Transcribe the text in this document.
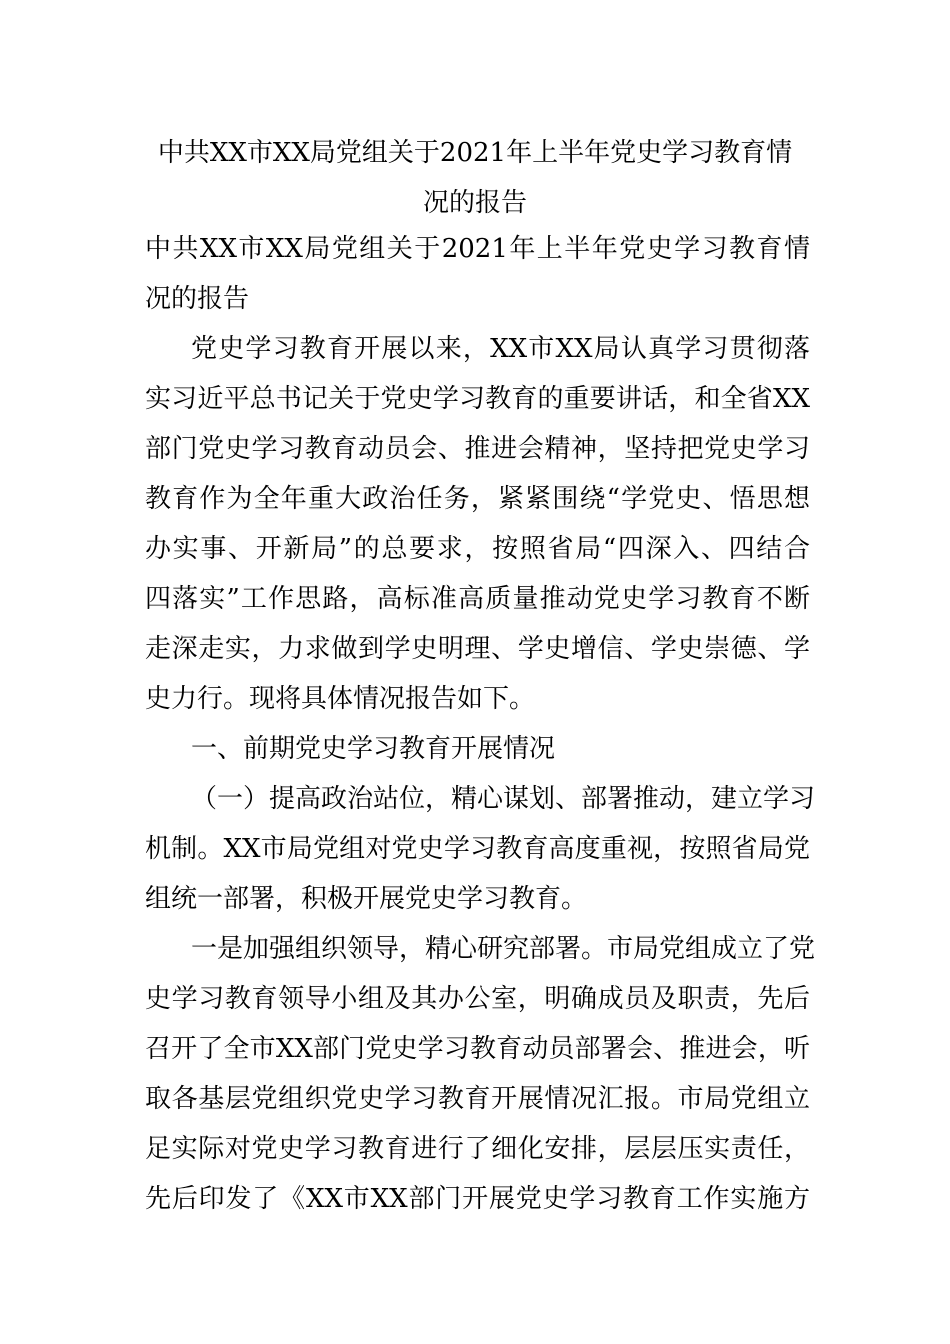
中共XX市XX局党组关于2021年上半年党史学习教育情
况的报告
中共XX市XX局党组关于2021年上半年党史学习教育情
况的报告
党史学习教育开展以来，XX市XX局认真学习贯彻落
实习近平总书记关于党史学习教育的重要讲话，和全省XX
部门党史学习教育动员会、推进会精神，坚持把党史学习
教育作为全年重大政治任务，紧紧围绕“学党史、悟思想
办实事、开新局”的总要求，按照省局“四深入、四结合
四落实”工作思路，高标准高质量推动党史学习教育不断
走深走实，力求做到学史明理、学史增信、学史崇德、学
史力行。现将具体情况报告如下。
一、前期党史学习教育开展情况
（一）提高政治站位，精心谋划、部署推动，建立学习
机制。XX市局党组对党史学习教育高度重视，按照省局党
组统一部署，积极开展党史学习教育。
一是加强组织领导，精心研究部署。市局党组成立了党
史学习教育领导小组及其办公室，明确成员及职责，先后
召开了全市XX部门党史学习教育动员部署会、推进会，听
取各基层党组织党史学习教育开展情况汇报。市局党组立
足实际对党史学习教育进行了细化安排，层层压实责任，
先后印发了《XX市XX部门开展党史学习教育工作实施方
